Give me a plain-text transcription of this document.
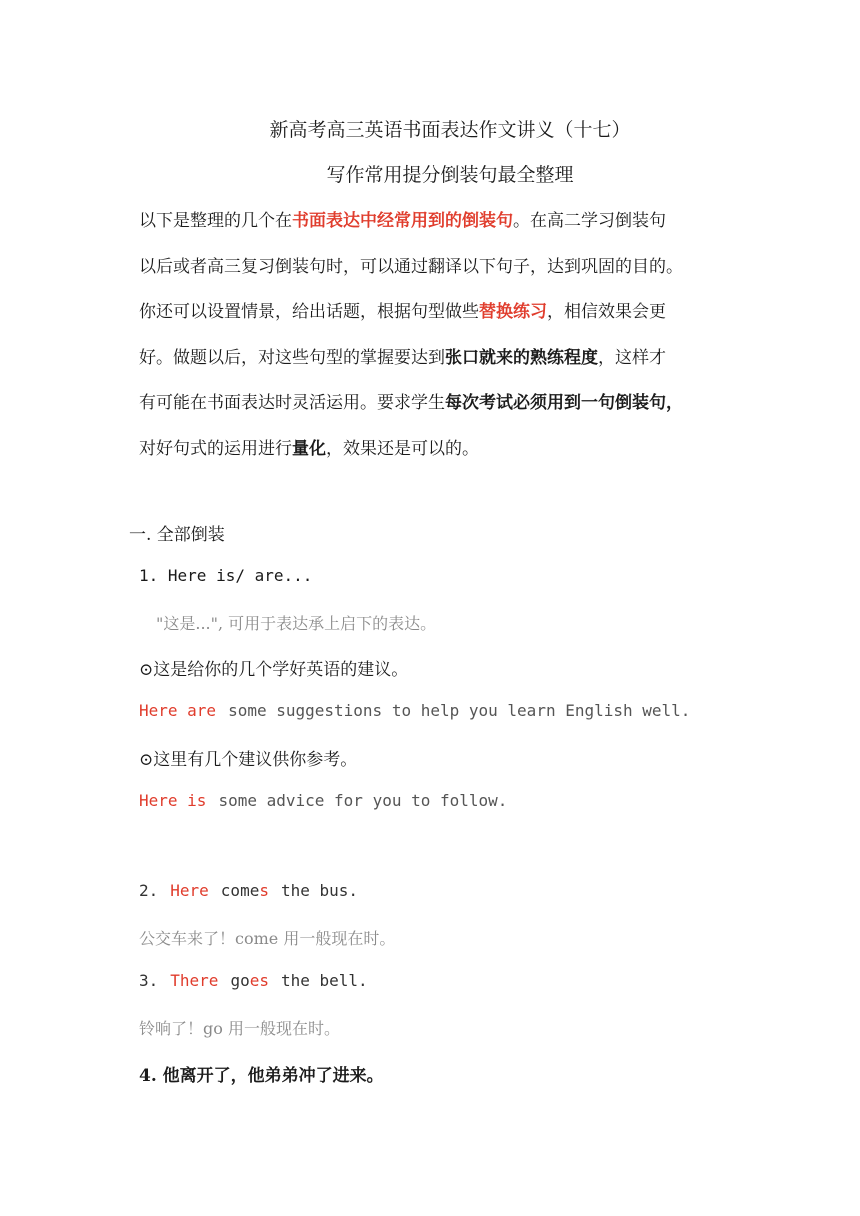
新高考高三英语书面表达作文讲义（十七）
写作常用提分倒装句最全整理
以下是整理的几个在书面表达中经常用到的倒装句。在高二学习倒装句
以后或者高三复习倒装句时，可以通过翻译以下句子，达到巩固的目的。
你还可以设置情景，给出话题，根据句型做些替换练习，相信效果会更
好。做题以后，对这些句型的掌握要达到张口就来的熟练程度，这样才
有可能在书面表达时灵活运用。要求学生每次考试必须用到一句倒装句，
对好句式的运用进行量化，效果还是可以的。
一. 全部倒装
1. Here is/ are...
"这是...", 可用于表达承上启下的表达。
⊙这是给你的几个学好英语的建议。
Here are some suggestions to help you learn English well.
⊙这里有几个建议供你参考。
Here is some advice for you to follow.
2. Here comes the bus.
公交车来了！come 用一般现在时。
3. There goes the bell.
铃响了！go 用一般现在时。
4. 他离开了，他弟弟冲了进来。
